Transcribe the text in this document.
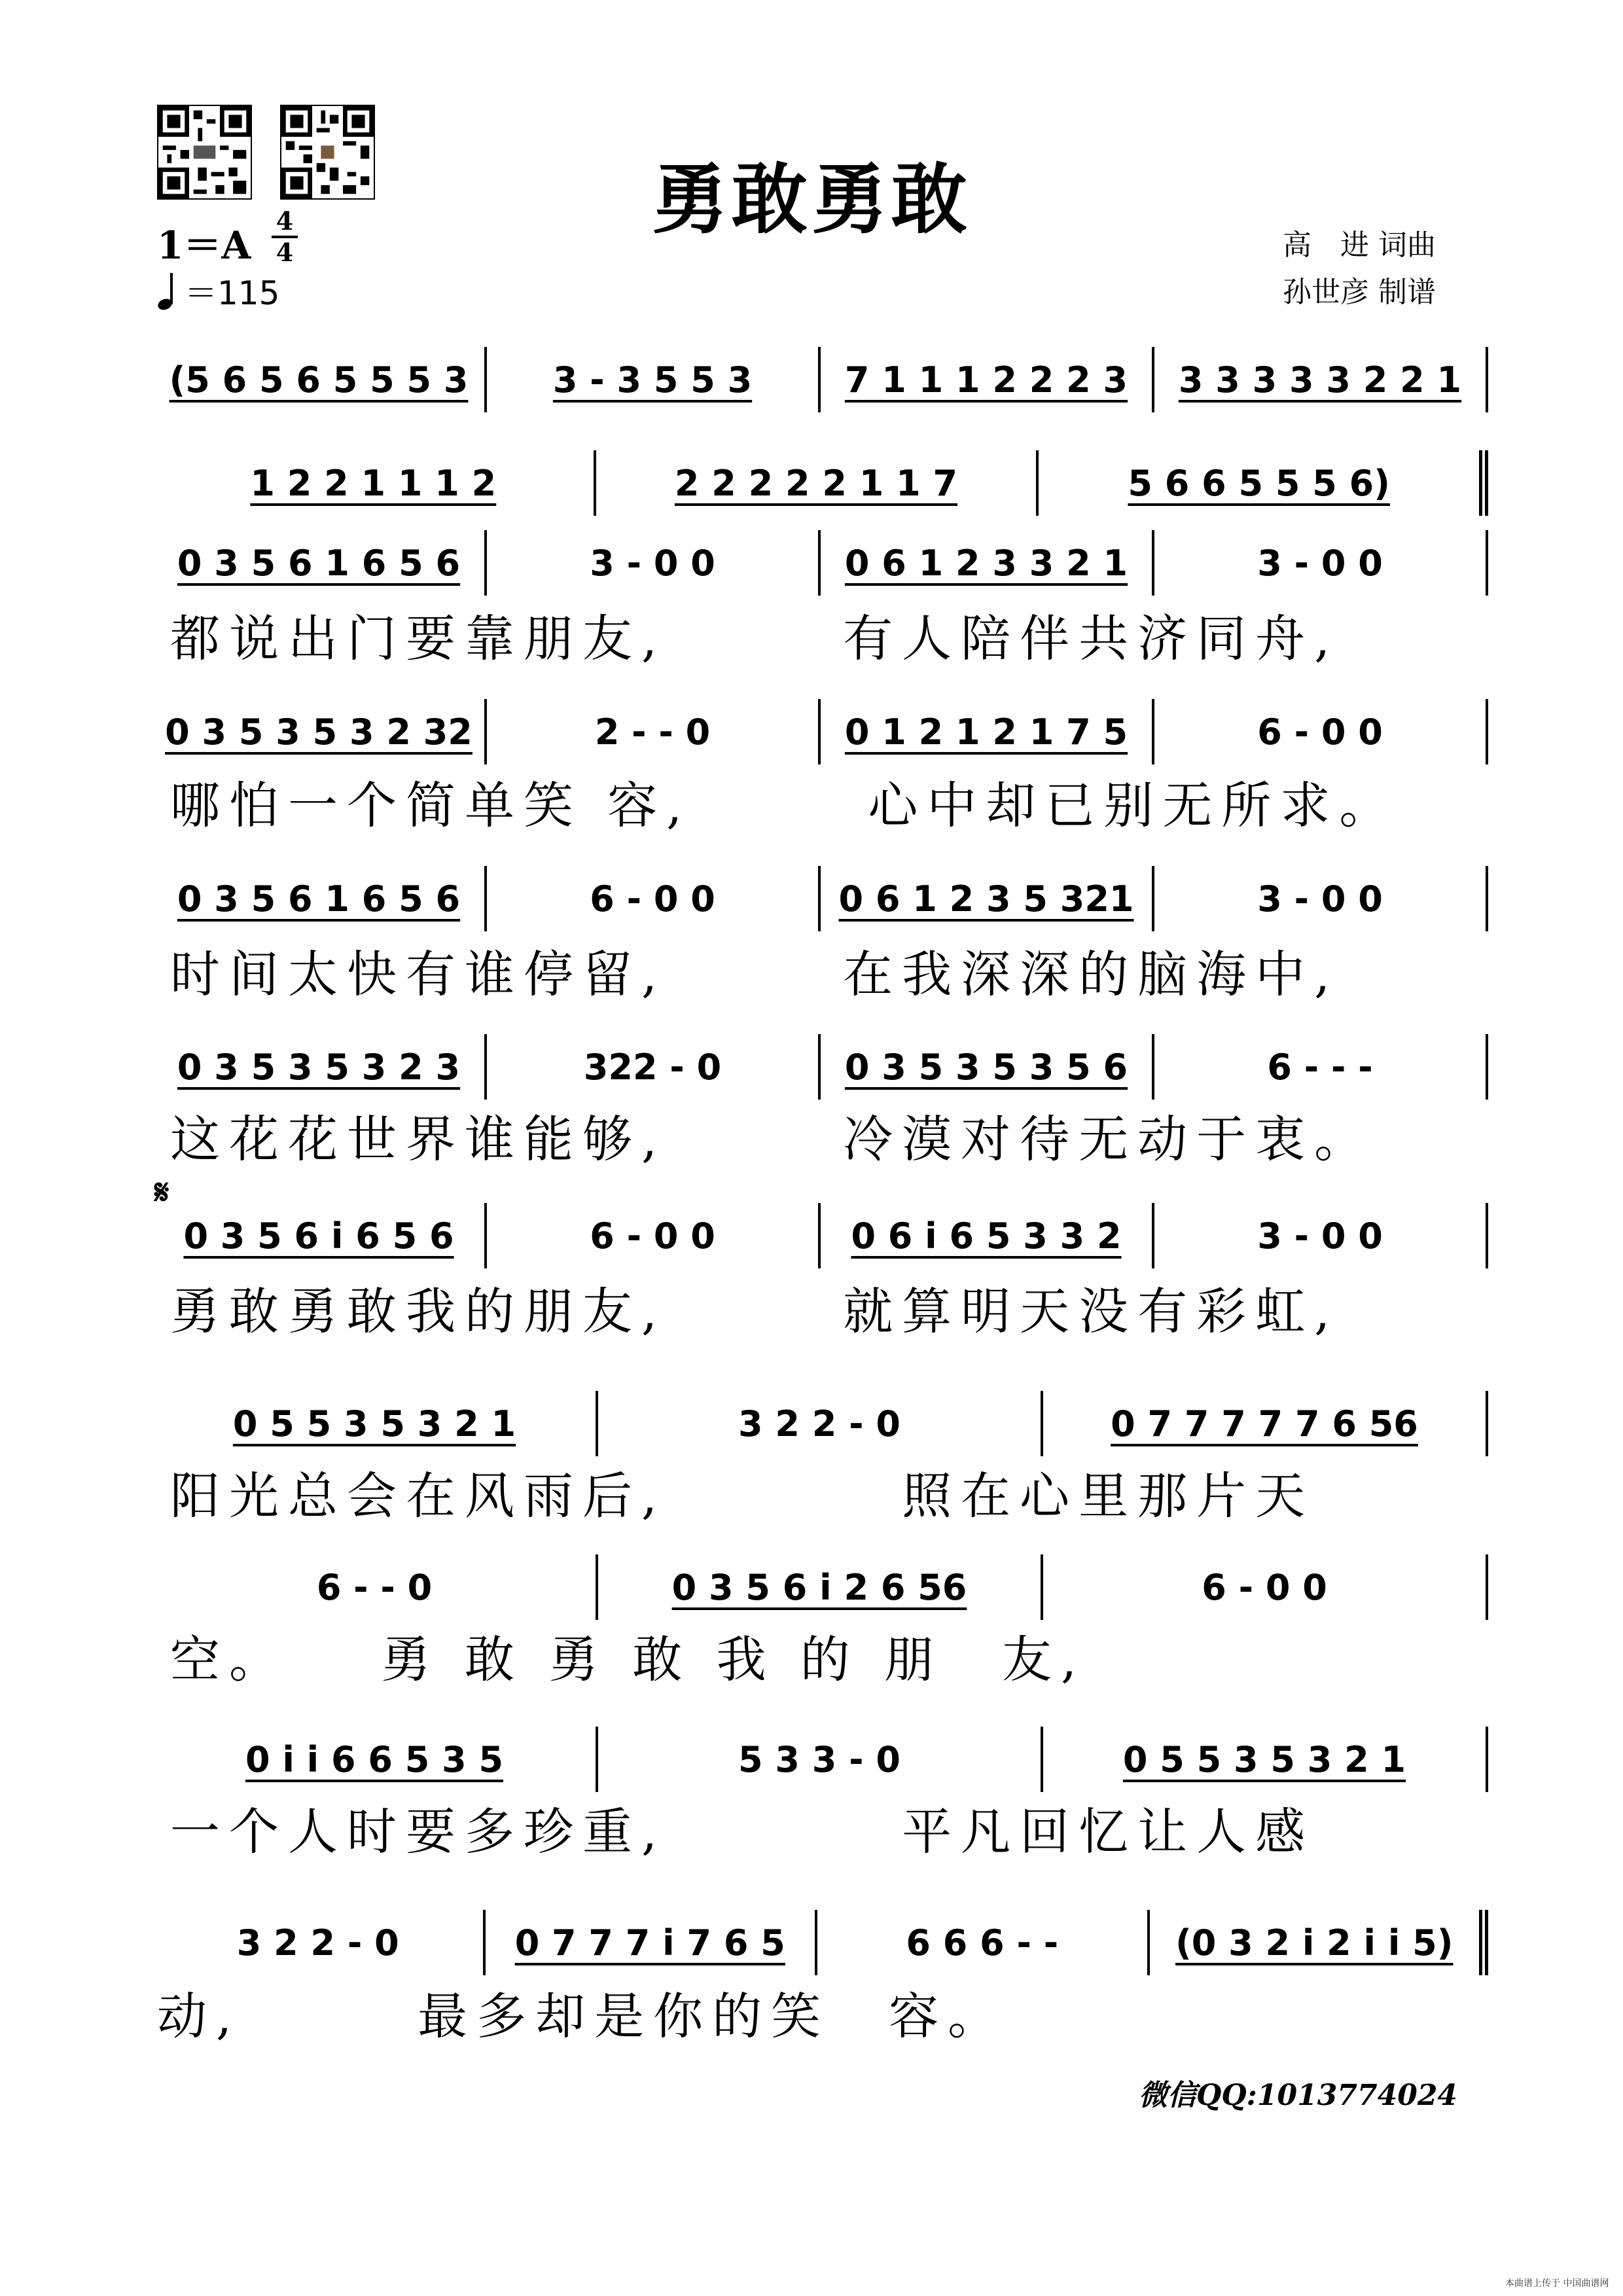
勇敢勇敢
1＝A
4
4
＝115
高　进 词曲
孙世彦 制谱
(5 6 5 6 5 5 5 3 3 - 3 5 5 3	7 1 1 1 2 2 2 3 3 3 3 3 3 2 2 1
1 2 2 1 1 1 2	2 2 2 2 2 1 1 7	5 6 6 5 5 5 6)
0 3 5 6 1 6 5 6	3 - 0 0	0 6 1 2 3 3 2 1	3 - 0 0
都说出门要靠朋友,　　　有人陪伴共济同舟,
0 3 5 3 5 3 2 32	2 - - 0	0 1 2 1 2 1 7 5	6 - 0 0
哪怕一个简单笑 容,　　　心中却已别无所求。
0 3 5 6 1 6 5 6	6 - 0 0	0 6 1 2 3 5 321	3 - 0 0
时间太快有谁停留,　　　在我深深的脑海中,
0 3 5 3 5 3 2 3	322 - 0	0 3 5 3 5 3 5 6	6 - - -
这花花世界谁能够,　　　冷漠对待无动于衷。
𝄋
0 3 5 6 i 6 5 6	6 - 0 0	0 6 i 6 5 3 3 2	3 - 0 0
勇敢勇敢我的朋友,　　　就算明天没有彩虹,
0 5 5 3 5 3 2 1	3 2 2 - 0	0 7 7 7 7 7 6 56
阳光总会在风雨后,　　　　照在心里那片天
6 - - 0	0 3 5 6 i 2 6 56	6 - 0 0
空。　　勇 敢 勇 敢 我 的 朋　友,
0 i i 6 6 5 3 5	5 3 3 - 0	0 5 5 3 5 3 2 1
一个人时要多珍重,　　　　平凡回忆让人感
3 2 2 - 0	0 7 7 7 i 7 6 5	6 6 6 - -	(0 3 2 i 2 i i 5)
动,　　　最多却是你的笑　容。
微信QQ:1013774024
本曲谱上传于 中国曲谱网
